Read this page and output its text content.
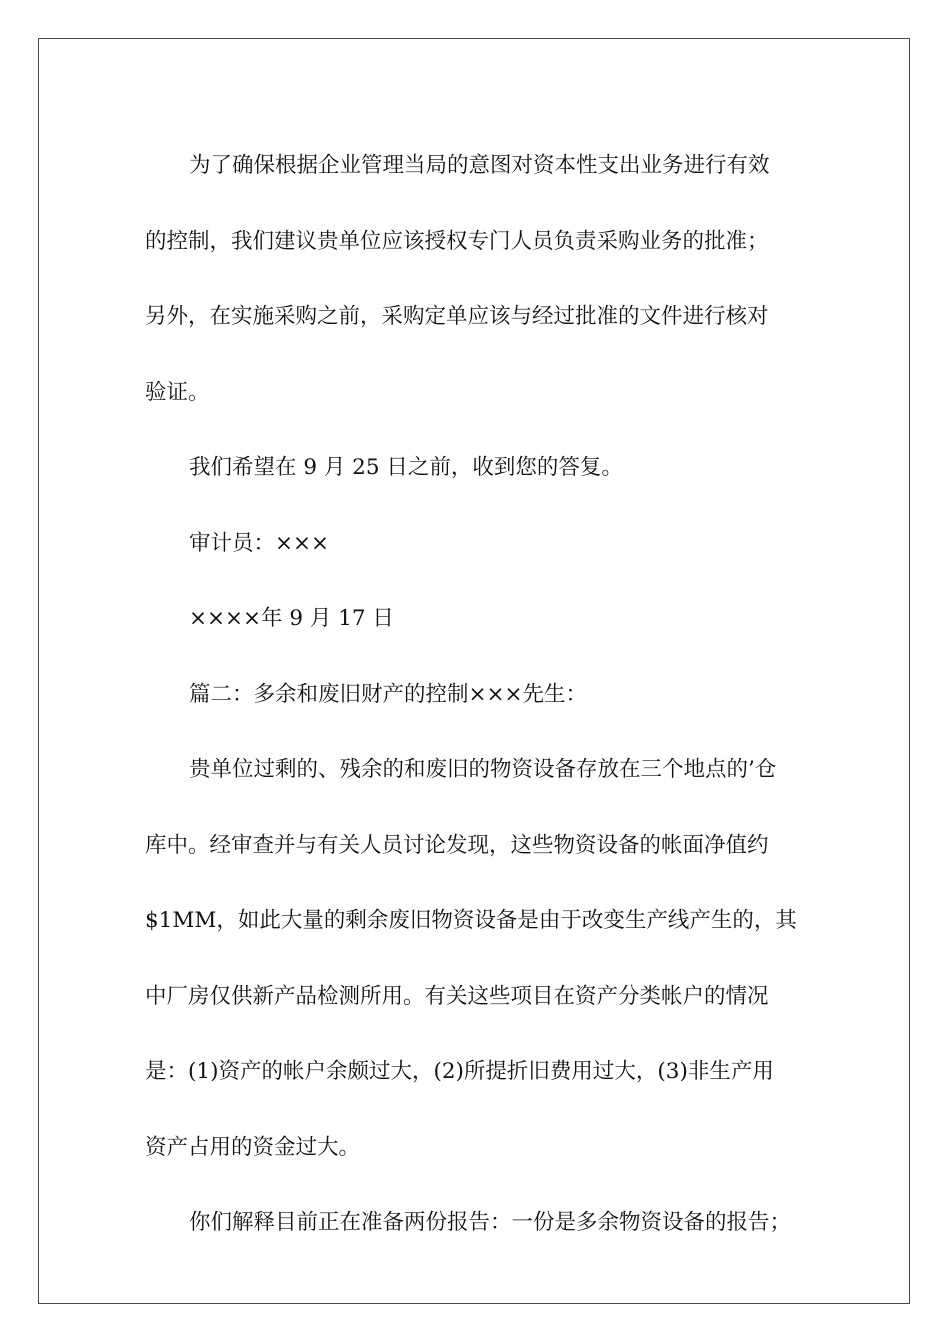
为了确保根据企业管理当局的意图对资本性支出业务进行有效
的控制，我们建议贵单位应该授权专门人员负责采购业务的批准；
另外，在实施采购之前，采购定单应该与经过批准的文件进行核对
验证。
我们希望在 9 月 25 日之前，收到您的答复。
审计员：×××
××××年 9 月 17 日
篇二：多余和废旧财产的控制×××先生：
贵单位过剩的、残余的和废旧的物资设备存放在三个地点的’仓
库中。经审查并与有关人员讨论发现，这些物资设备的帐面净值约
$1MM，如此大量的剩余废旧物资设备是由于改变生产线产生的，其
中厂房仅供新产品检测所用。有关这些项目在资产分类帐户的情况
是：(1)资产的帐户余颇过大，(2)所提折旧费用过大，(3)非生产用
资产占用的资金过大。
你们解释目前正在准备两份报告：一份是多余物资设备的报告；
